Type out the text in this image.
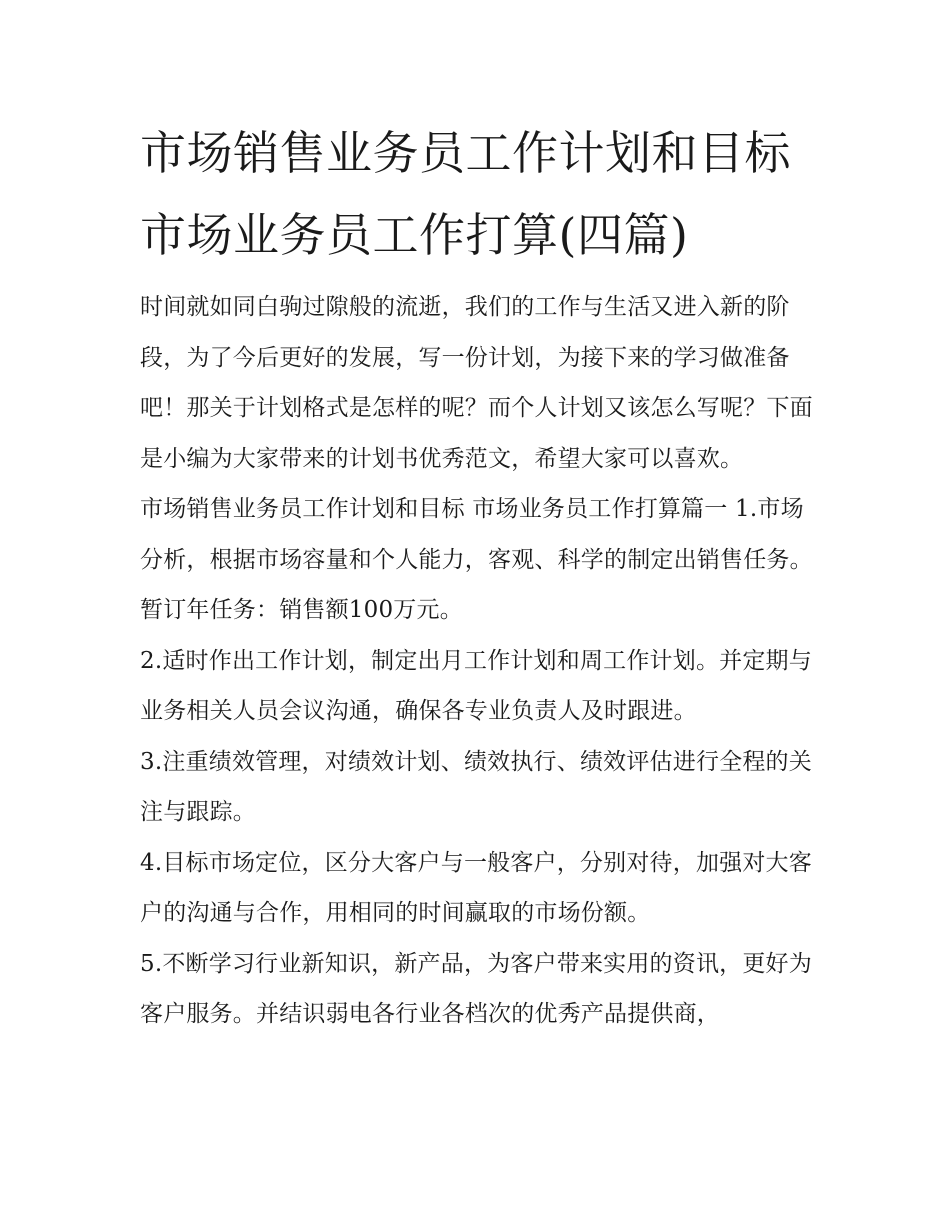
市场销售业务员工作计划和目标 市场业务员工作打算(四篇)

时间就如同白驹过隙般的流逝，我们的工作与生活又进入新的阶段，为了今后更好的发展，写一份计划，为接下来的学习做准备吧！那关于计划格式是怎样的呢？而个人计划又该怎么写呢？下面是小编为大家带来的计划书优秀范文，希望大家可以喜欢。

市场销售业务员工作计划和目标 市场业务员工作打算篇一 1.市场分析，根据市场容量和个人能力，客观、科学的制定出销售任务。暂订年任务：销售额100万元。

2.适时作出工作计划，制定出月工作计划和周工作计划。并定期与业务相关人员会议沟通，确保各专业负责人及时跟进。

3.注重绩效管理，对绩效计划、绩效执行、绩效评估进行全程的关注与跟踪。

4.目标市场定位，区分大客户与一般客户，分别对待，加强对大客户的沟通与合作，用相同的时间赢取的市场份额。

5.不断学习行业新知识，新产品，为客户带来实用的资讯，更好为客户服务。并结识弱电各行业各档次的优秀产品提供商，
